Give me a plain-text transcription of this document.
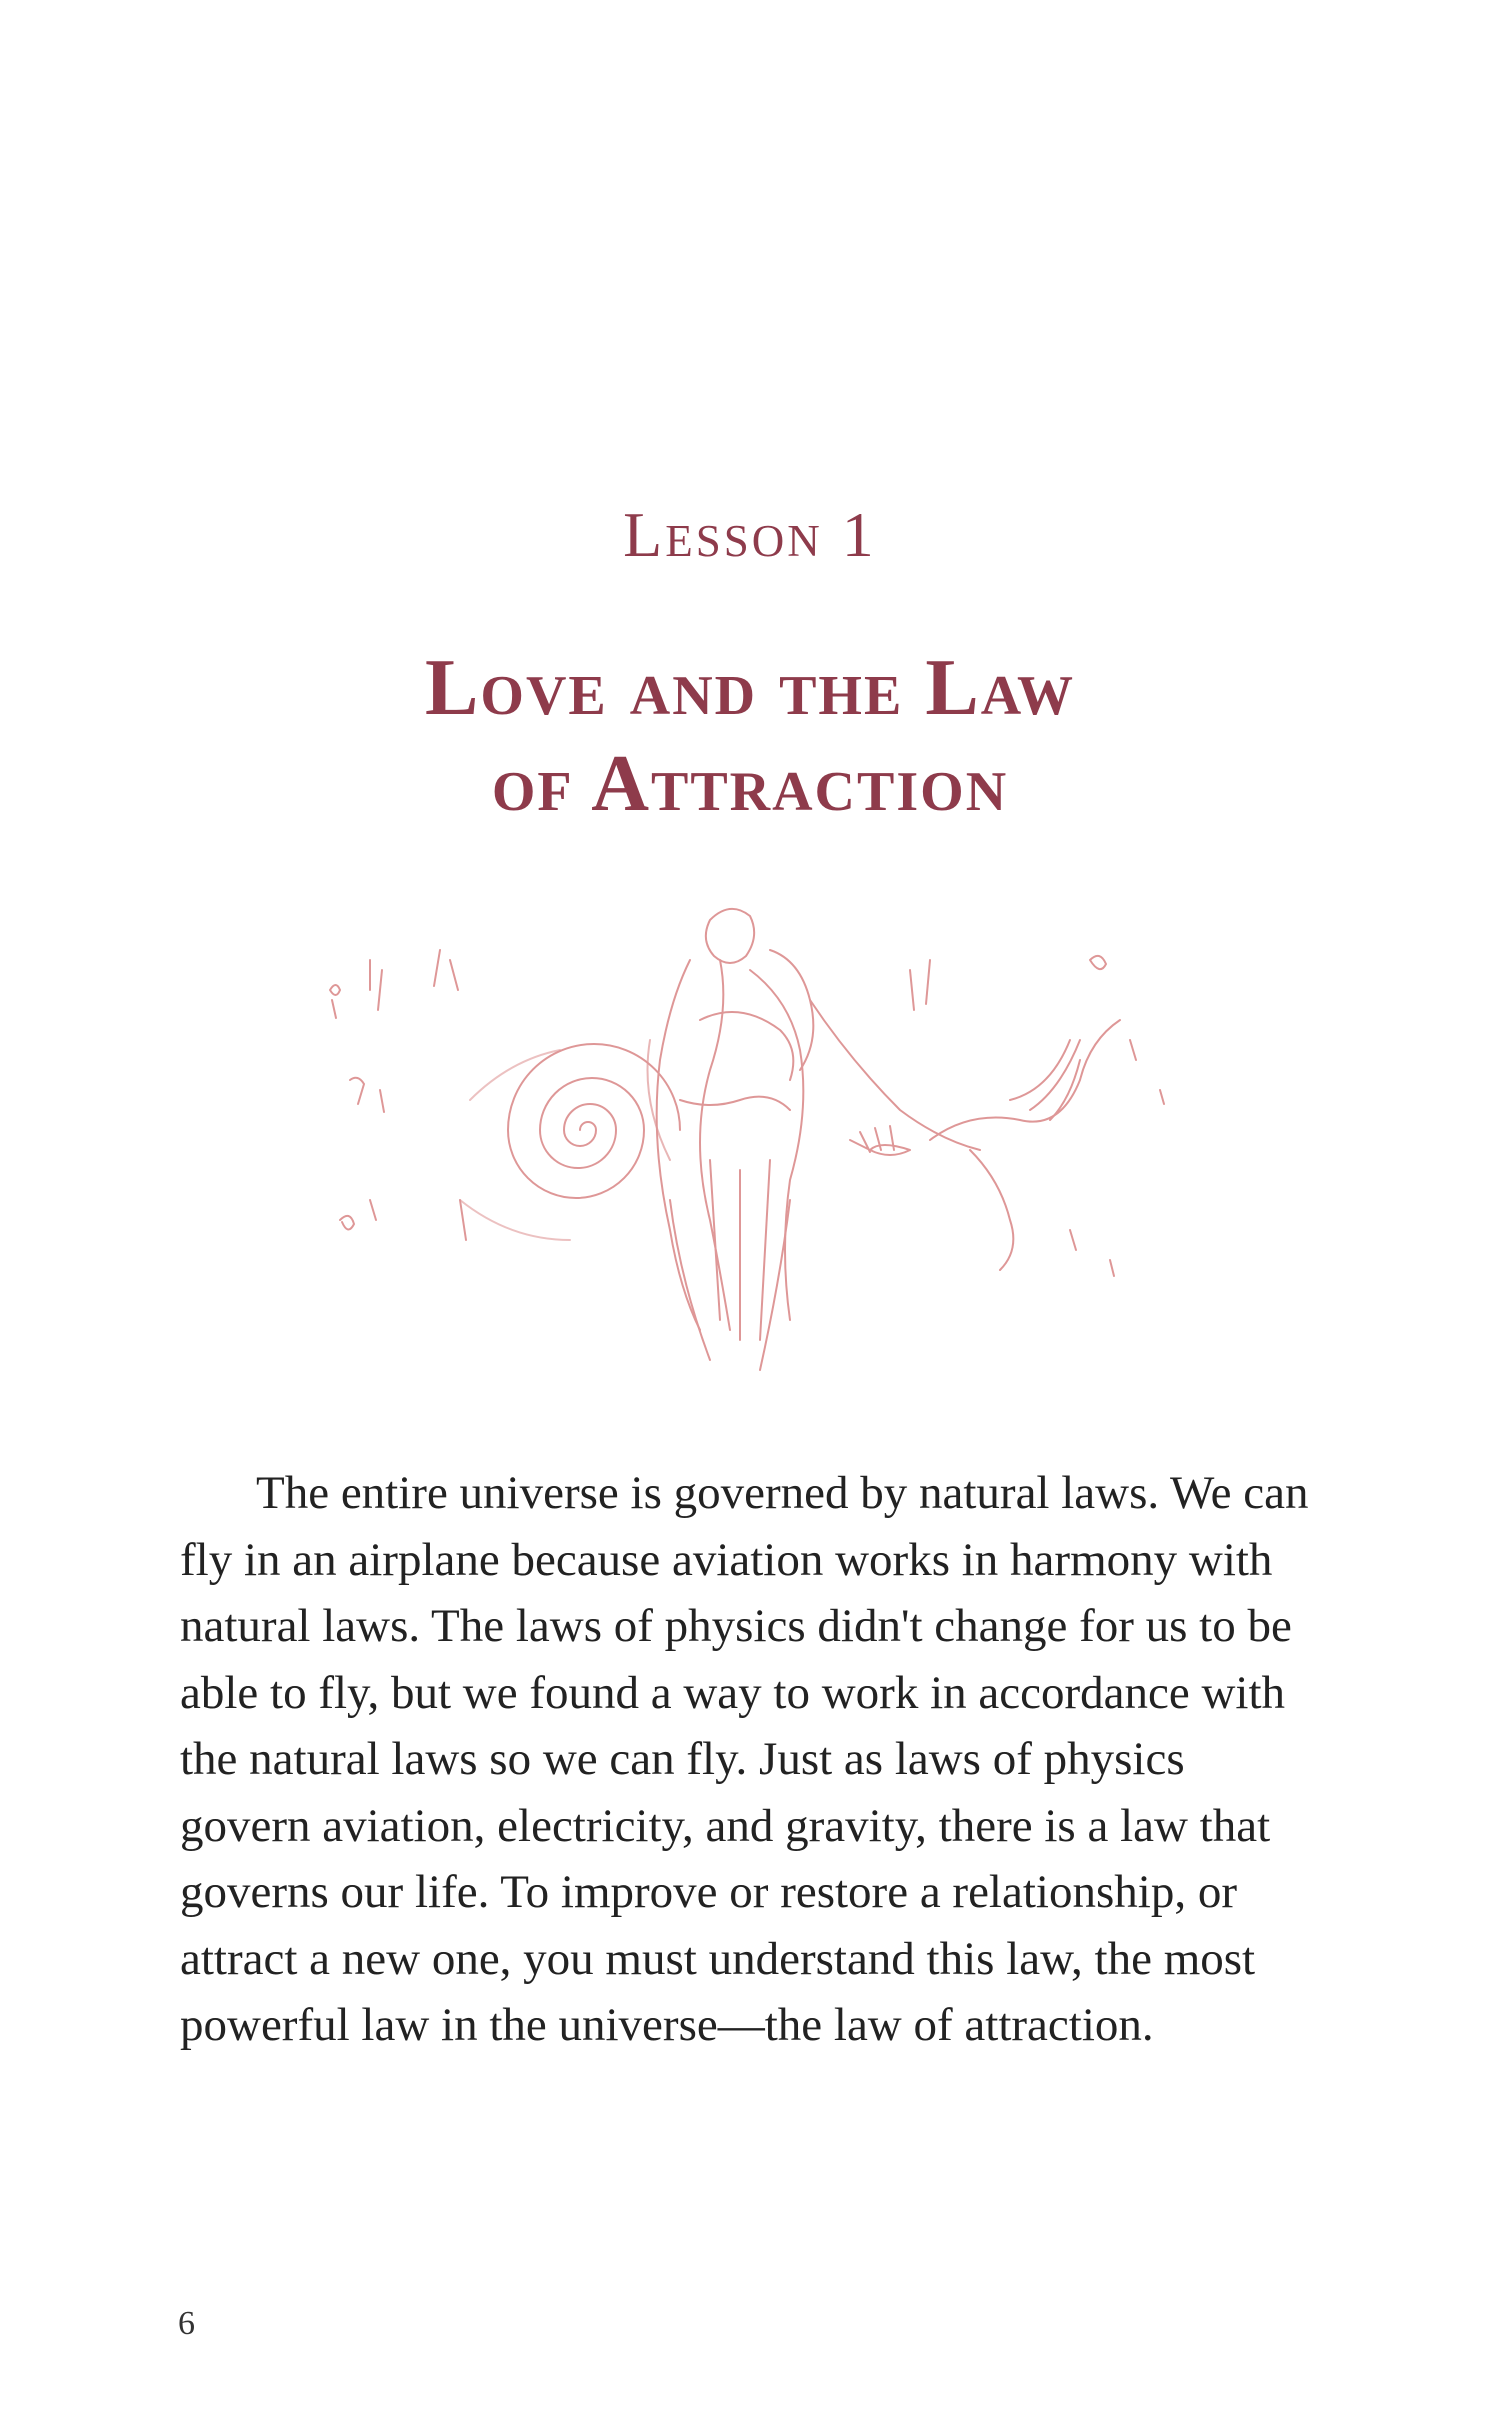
Lesson 1
Love and the Law
of Attraction
The entire universe is governed by natural laws. We can fly in an airplane because aviation works in harmony with natural laws. The laws of physics didn't change for us to be able to fly, but we found a way to work in accordance with the natural laws so we can fly. Just as laws of physics govern aviation, electricity, and gravity, there is a law that governs our life. To improve or restore a relationship, or attract a new one, you must understand this law, the most powerful law in the universe—the law of attraction.
6
